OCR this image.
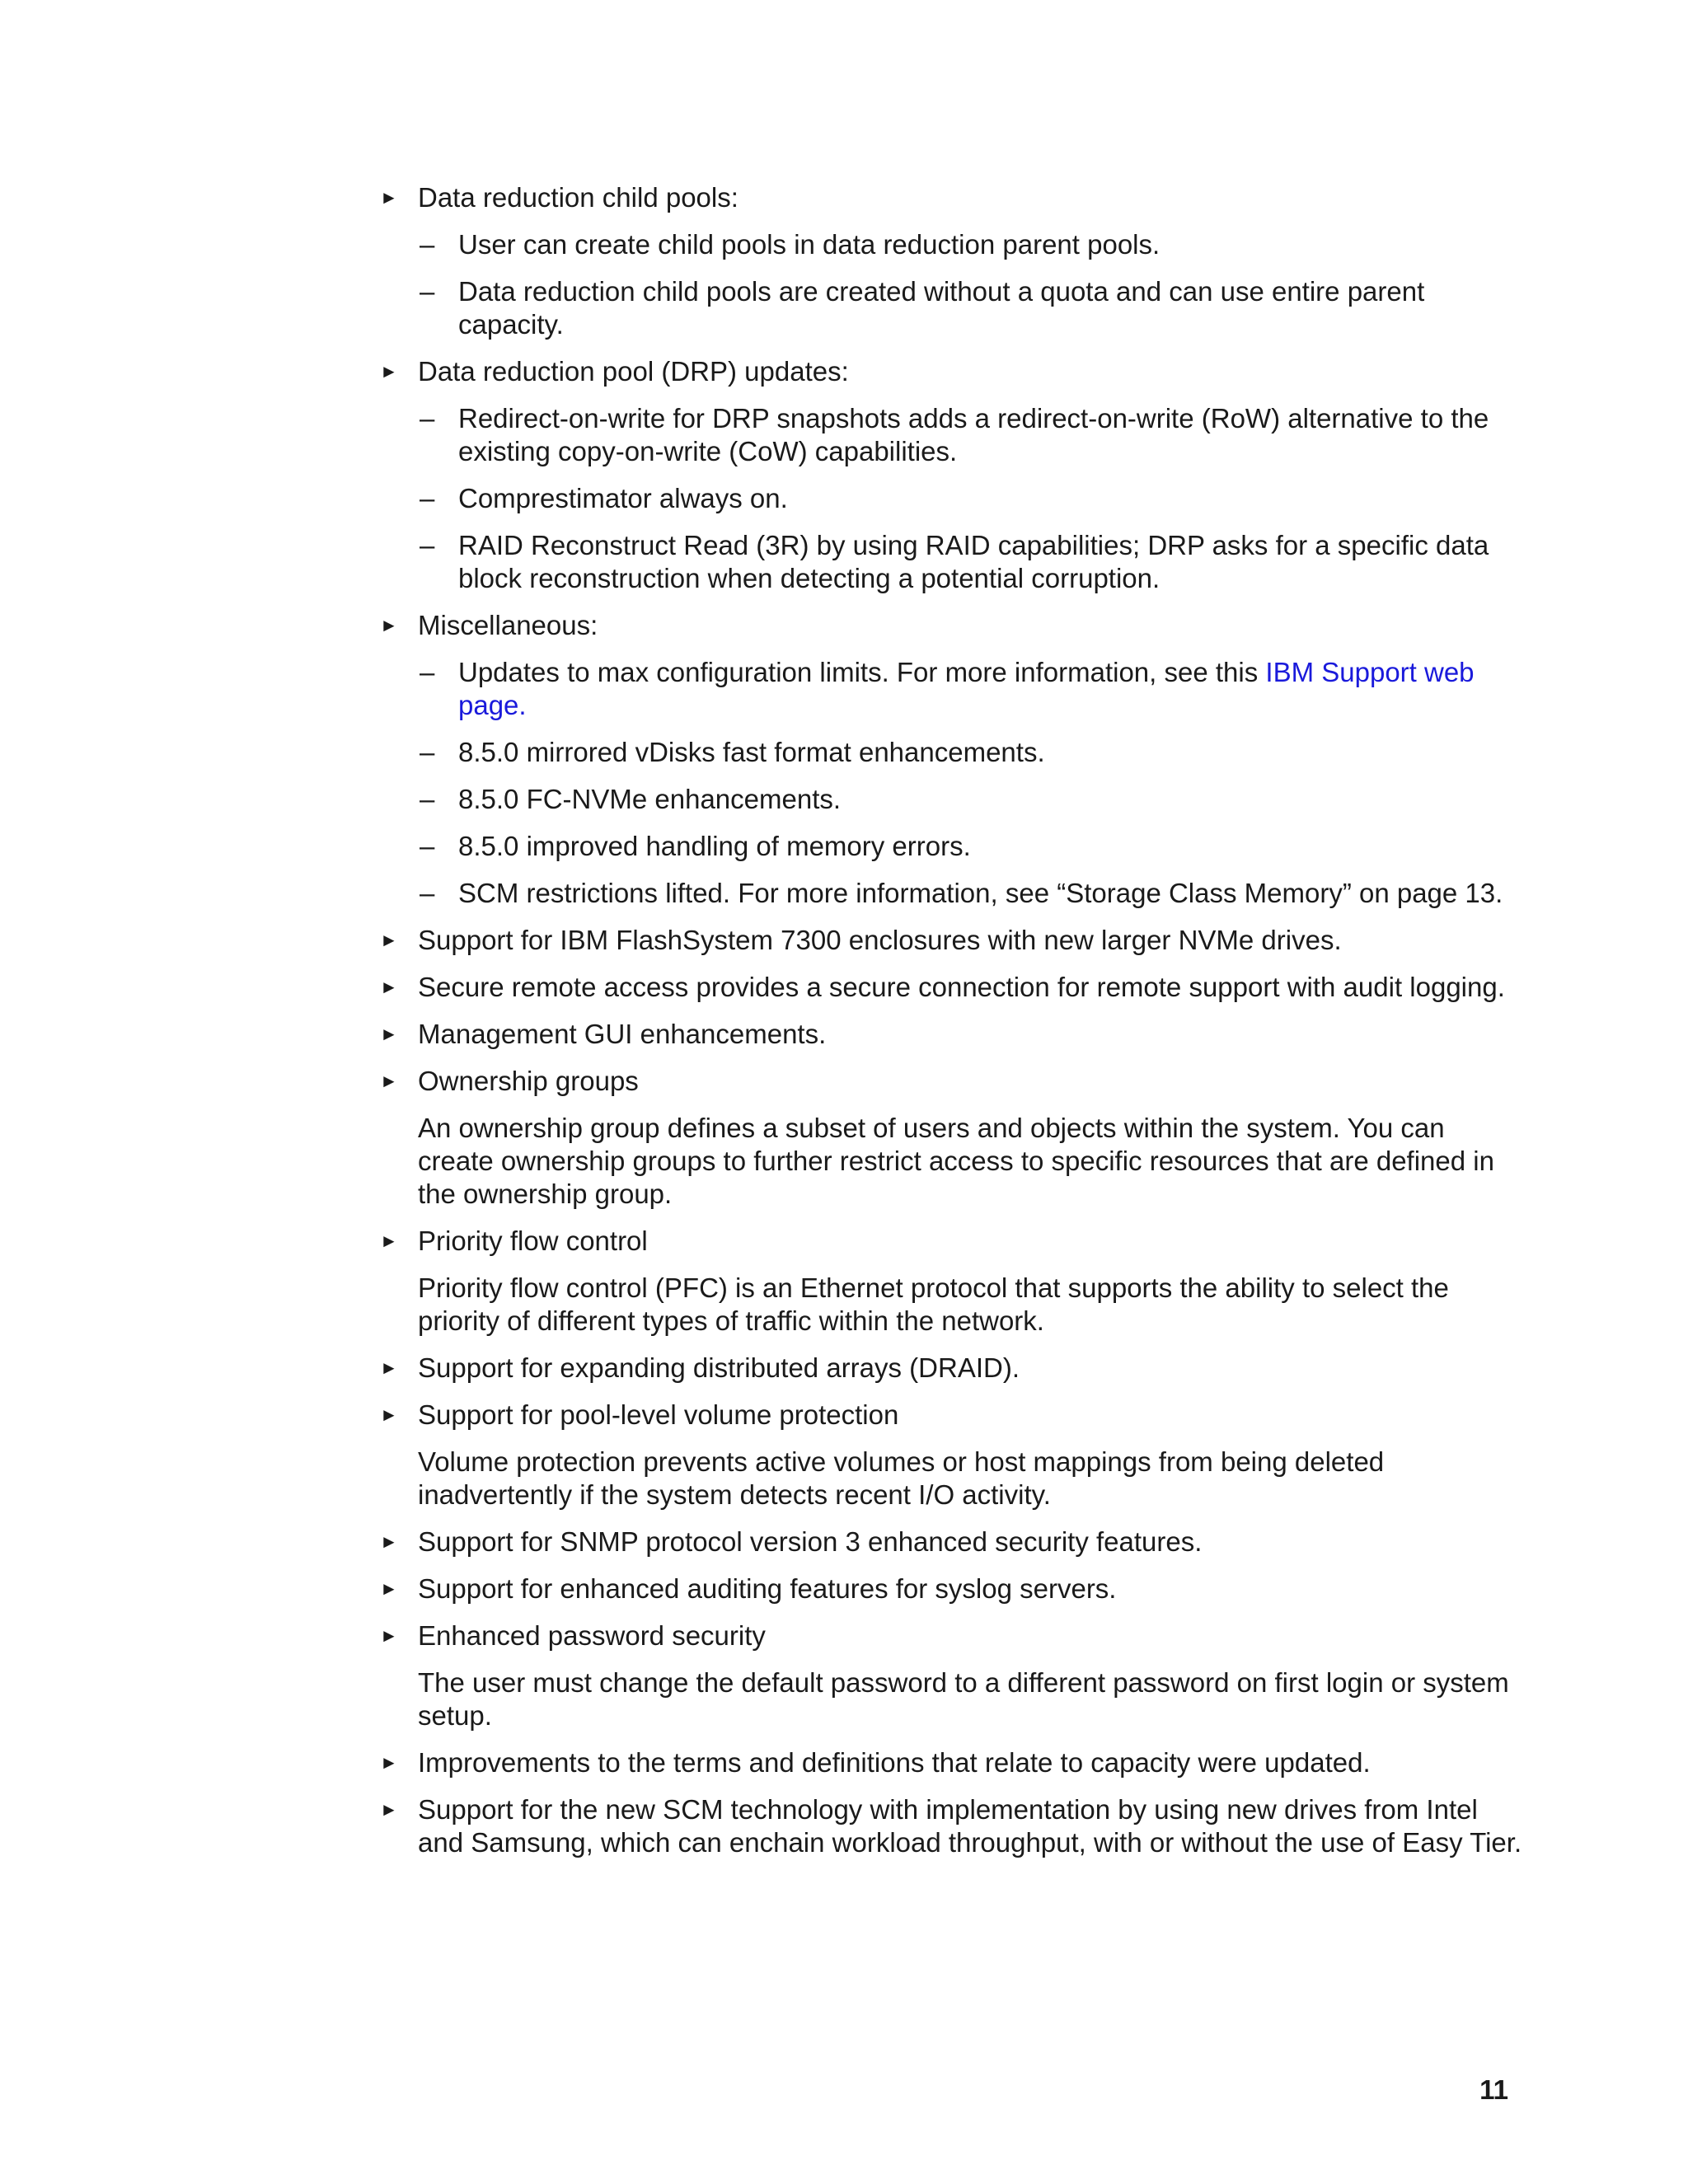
► Data reduction child pools:
– User can create child pools in data reduction parent pools.
– Data reduction child pools are created without a quota and can use entire parent capacity.
► Data reduction pool (DRP) updates:
– Redirect-on-write for DRP snapshots adds a redirect-on-write (RoW) alternative to the existing copy-on-write (CoW) capabilities.
– Comprestimator always on.
– RAID Reconstruct Read (3R) by using RAID capabilities; DRP asks for a specific data block reconstruction when detecting a potential corruption.
► Miscellaneous:
– Updates to max configuration limits. For more information, see this IBM Support web page.
– 8.5.0 mirrored vDisks fast format enhancements.
– 8.5.0 FC-NVMe enhancements.
– 8.5.0 improved handling of memory errors.
– SCM restrictions lifted. For more information, see “Storage Class Memory” on page 13.
► Support for IBM FlashSystem 7300 enclosures with new larger NVMe drives.
► Secure remote access provides a secure connection for remote support with audit logging.
► Management GUI enhancements.
► Ownership groups
An ownership group defines a subset of users and objects within the system. You can create ownership groups to further restrict access to specific resources that are defined in the ownership group.
► Priority flow control
Priority flow control (PFC) is an Ethernet protocol that supports the ability to select the priority of different types of traffic within the network.
► Support for expanding distributed arrays (DRAID).
► Support for pool-level volume protection
Volume protection prevents active volumes or host mappings from being deleted inadvertently if the system detects recent I/O activity.
► Support for SNMP protocol version 3 enhanced security features.
► Support for enhanced auditing features for syslog servers.
► Enhanced password security
The user must change the default password to a different password on first login or system setup.
► Improvements to the terms and definitions that relate to capacity were updated.
► Support for the new SCM technology with implementation by using new drives from Intel and Samsung, which can enchain workload throughput, with or without the use of Easy Tier.
11
